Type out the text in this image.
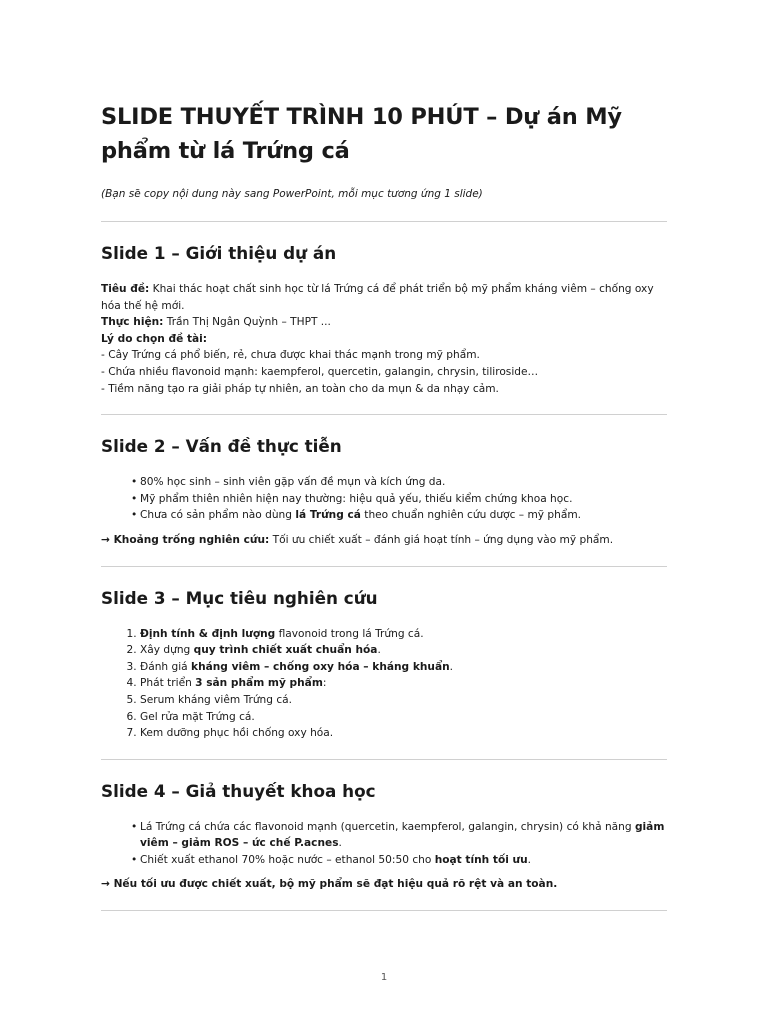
SLIDE THUYẾT TRÌNH 10 PHÚT – Dự án Mỹ phẩm từ lá Trứng cá
(Bạn sẽ copy nội dung này sang PowerPoint, mỗi mục tương ứng 1 slide)
Slide 1 – Giới thiệu dự án
Tiêu đề: Khai thác hoạt chất sinh học từ lá Trứng cá để phát triển bộ mỹ phẩm kháng viêm – chống oxy hóa thế hệ mới.
Thực hiện: Trần Thị Ngân Quỳnh – THPT ...
Lý do chọn đề tài:
- Cây Trứng cá phổ biến, rẻ, chưa được khai thác mạnh trong mỹ phẩm.
- Chứa nhiều flavonoid mạnh: kaempferol, quercetin, galangin, chrysin, tiliroside…
- Tiềm năng tạo ra giải pháp tự nhiên, an toàn cho da mụn & da nhạy cảm.
Slide 2 – Vấn đề thực tiễn
• 80% học sinh – sinh viên gặp vấn đề mụn và kích ứng da.
• Mỹ phẩm thiên nhiên hiện nay thường: hiệu quả yếu, thiếu kiểm chứng khoa học.
• Chưa có sản phẩm nào dùng lá Trứng cá theo chuẩn nghiên cứu dược – mỹ phẩm.
→ Khoảng trống nghiên cứu: Tối ưu chiết xuất – đánh giá hoạt tính – ứng dụng vào mỹ phẩm.
Slide 3 – Mục tiêu nghiên cứu
1. Định tính & định lượng flavonoid trong lá Trứng cá.
2. Xây dựng quy trình chiết xuất chuẩn hóa.
3. Đánh giá kháng viêm – chống oxy hóa – kháng khuẩn.
4. Phát triển 3 sản phẩm mỹ phẩm:
5. Serum kháng viêm Trứng cá.
6. Gel rửa mặt Trứng cá.
7. Kem dưỡng phục hồi chống oxy hóa.
Slide 4 – Giả thuyết khoa học
• Lá Trứng cá chứa các flavonoid mạnh (quercetin, kaempferol, galangin, chrysin) có khả năng giảm viêm – giảm ROS – ức chế P.acnes.
• Chiết xuất ethanol 70% hoặc nước – ethanol 50:50 cho hoạt tính tối ưu.
→ Nếu tối ưu được chiết xuất, bộ mỹ phẩm sẽ đạt hiệu quả rõ rệt và an toàn.
1
